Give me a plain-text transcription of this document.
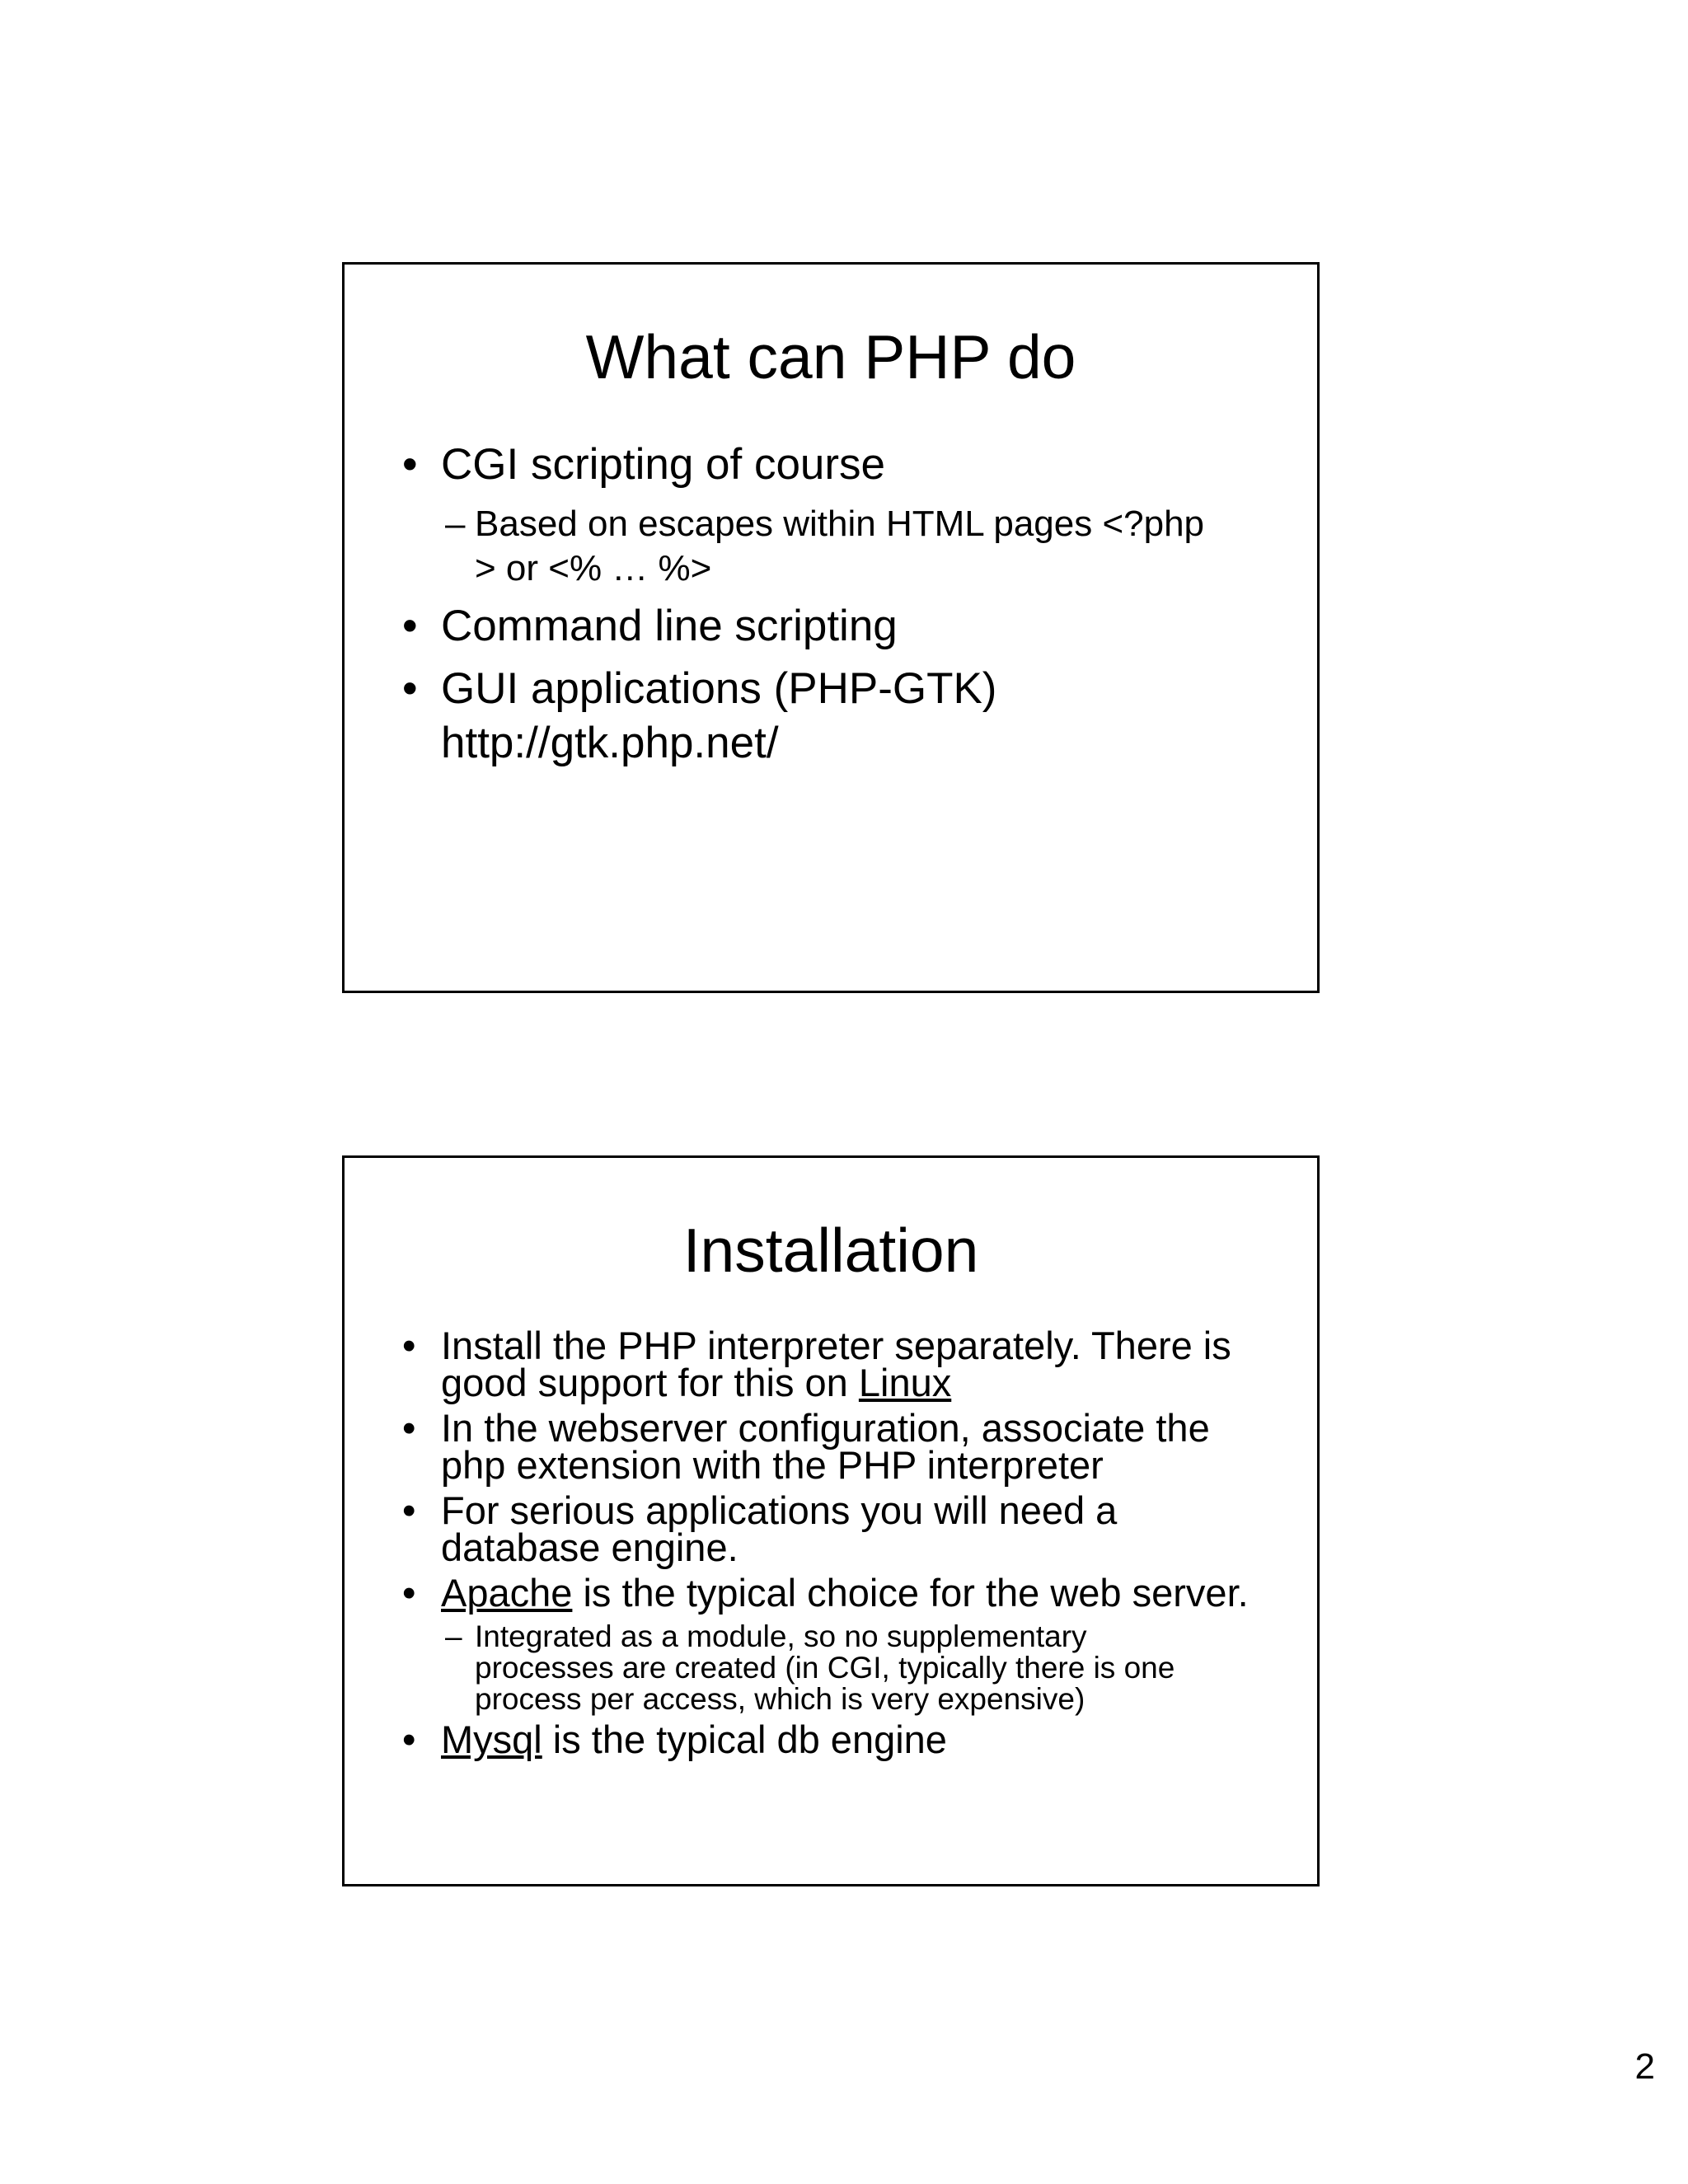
What can PHP do
• CGI scripting of course
– Based on escapes within HTML pages <?php
> or <% … %>
• Command line scripting
• GUI applications (PHP-GTK)
http://gtk.php.net/
Installation
• Install the PHP interpreter separately. There is
good support for this on Linux
• In the webserver configuration, associate the
php extension with the PHP interpreter
• For serious applications you will need a
database engine.
• Apache is the typical choice for the web server.
– Integrated as a module, so no supplementary
processes are created (in CGI, typically there is one
process per access, which is very expensive)
• Mysql is the typical db engine
2
